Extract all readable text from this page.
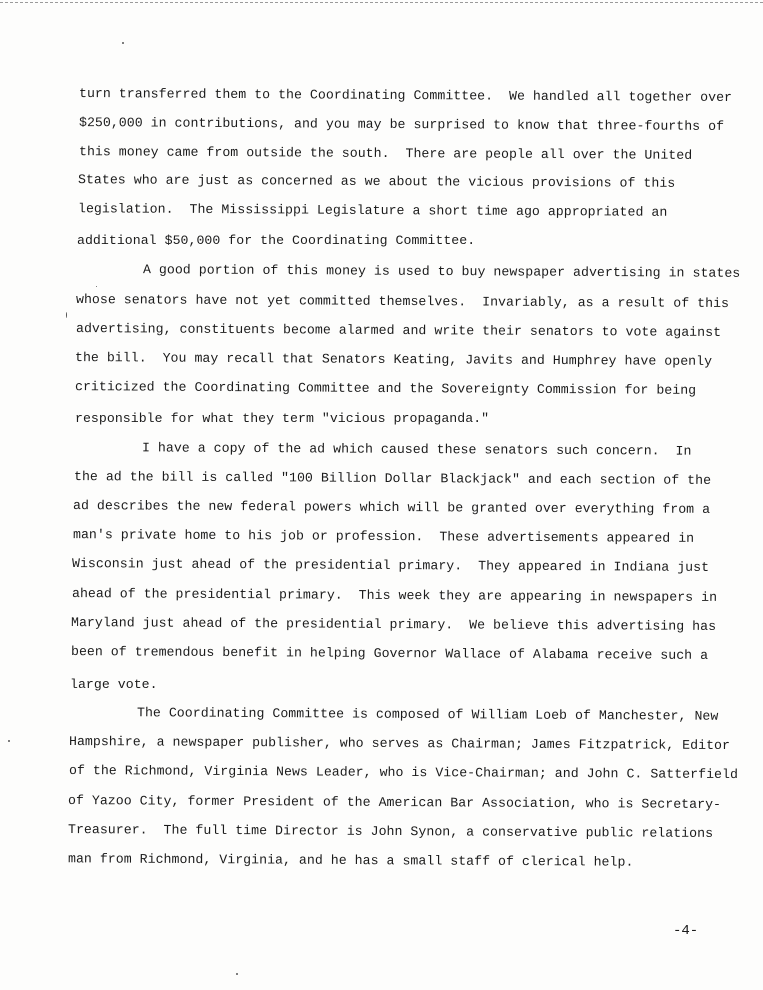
turn transferred them to the Coordinating Committee.  We handled all together over
$250,000 in contributions, and you may be surprised to know that three-fourths of
this money came from outside the south.  There are people all over the United
States who are just as concerned as we about the vicious provisions of this
legislation.  The Mississippi Legislature a short time ago appropriated an
additional $50,000 for the Coordinating Committee.
A good portion of this money is used to buy newspaper advertising in states
whose senators have not yet committed themselves.  Invariably, as a result of this
advertising, constituents become alarmed and write their senators to vote against
the bill.  You may recall that Senators Keating, Javits and Humphrey have openly
criticized the Coordinating Committee and the Sovereignty Commission for being
responsible for what they term "vicious propaganda."
I have a copy of the ad which caused these senators such concern.  In
the ad the bill is called "100 Billion Dollar Blackjack" and each section of the
ad describes the new federal powers which will be granted over everything from a
man's private home to his job or profession.  These advertisements appeared in
Wisconsin just ahead of the presidential primary.  They appeared in Indiana just
ahead of the presidential primary.  This week they are appearing in newspapers in
Maryland just ahead of the presidential primary.  We believe this advertising has
been of tremendous benefit in helping Governor Wallace of Alabama receive such a
large vote.
The Coordinating Committee is composed of William Loeb of Manchester, New
Hampshire, a newspaper publisher, who serves as Chairman; James Fitzpatrick, Editor
of the Richmond, Virginia News Leader, who is Vice-Chairman; and John C. Satterfield
of Yazoo City, former President of the American Bar Association, who is Secretary-
Treasurer.  The full time Director is John Synon, a conservative public relations
man from Richmond, Virginia, and he has a small staff of clerical help.
-4-
